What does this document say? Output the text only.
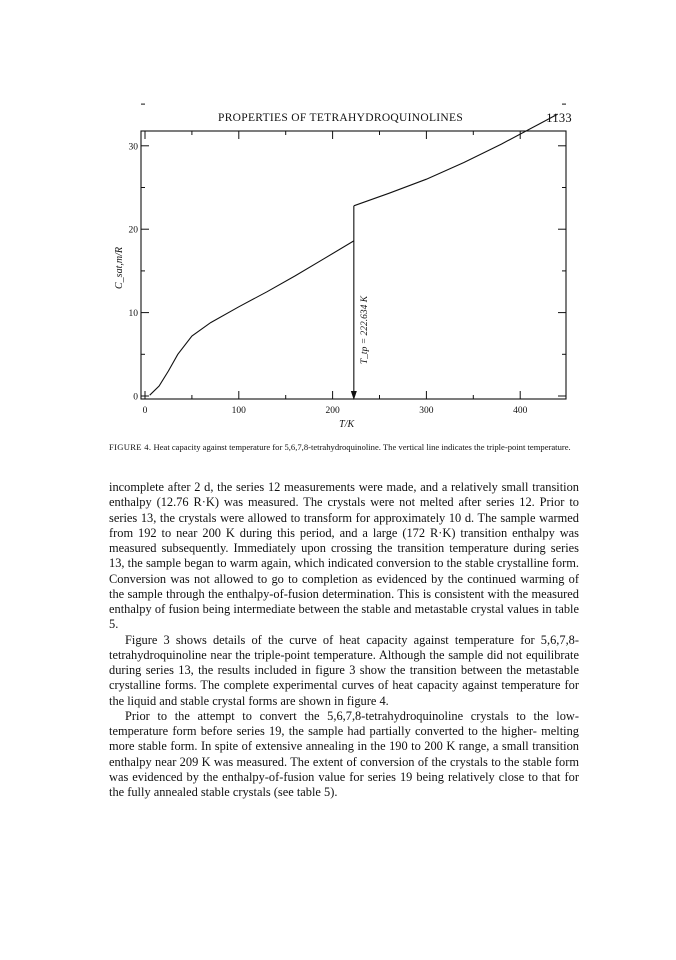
PROPERTIES OF TETRAHYDROQUINOLINES	1133
0	100	200	300	400
0
10
20
30
C_sat,m/R
T/K
T_tp = 222.634 K
FIGURE 4. Heat capacity against temperature for 5,6,7,8-tetrahydroquinoline. The vertical line indicates the triple-point temperature.

incomplete after 2 d, the series 12 measurements were made, and a relatively small transition enthalpy (12.76 R·K) was measured. The crystals were not melted after series 12. Prior to series 13, the crystals were allowed to transform for approximately 10 d. The sample warmed from 192 to near 200 K during this period, and a large (172 R·K) transition enthalpy was measured subsequently. Immediately upon crossing the transition temperature during series 13, the sample began to warm again, which indicated conversion to the stable crystalline form. Conversion was not allowed to go to completion as evidenced by the continued warming of the sample through the enthalpy-of-fusion determination. This is consistent with the measured enthalpy of fusion being intermediate between the stable and metastable crystal values in table 5.

Figure 3 shows details of the curve of heat capacity against temperature for 5,6,7,8- tetrahydroquinoline near the triple-point temperature. Although the sample did not equilibrate during series 13, the results included in figure 3 show the transition between the metastable crystalline forms. The complete experimental curves of heat capacity against temperature for the liquid and stable crystal forms are shown in figure 4.

Prior to the attempt to convert the 5,6,7,8-tetrahydroquinoline crystals to the low- temperature form before series 19, the sample had partially converted to the higher- melting more stable form. In spite of extensive annealing in the 190 to 200 K range, a small transition enthalpy near 209 K was measured. The extent of conversion of the crystals to the stable form was evidenced by the enthalpy-of-fusion value for series 19 being relatively close to that for the fully annealed stable crystals (see table 5).
